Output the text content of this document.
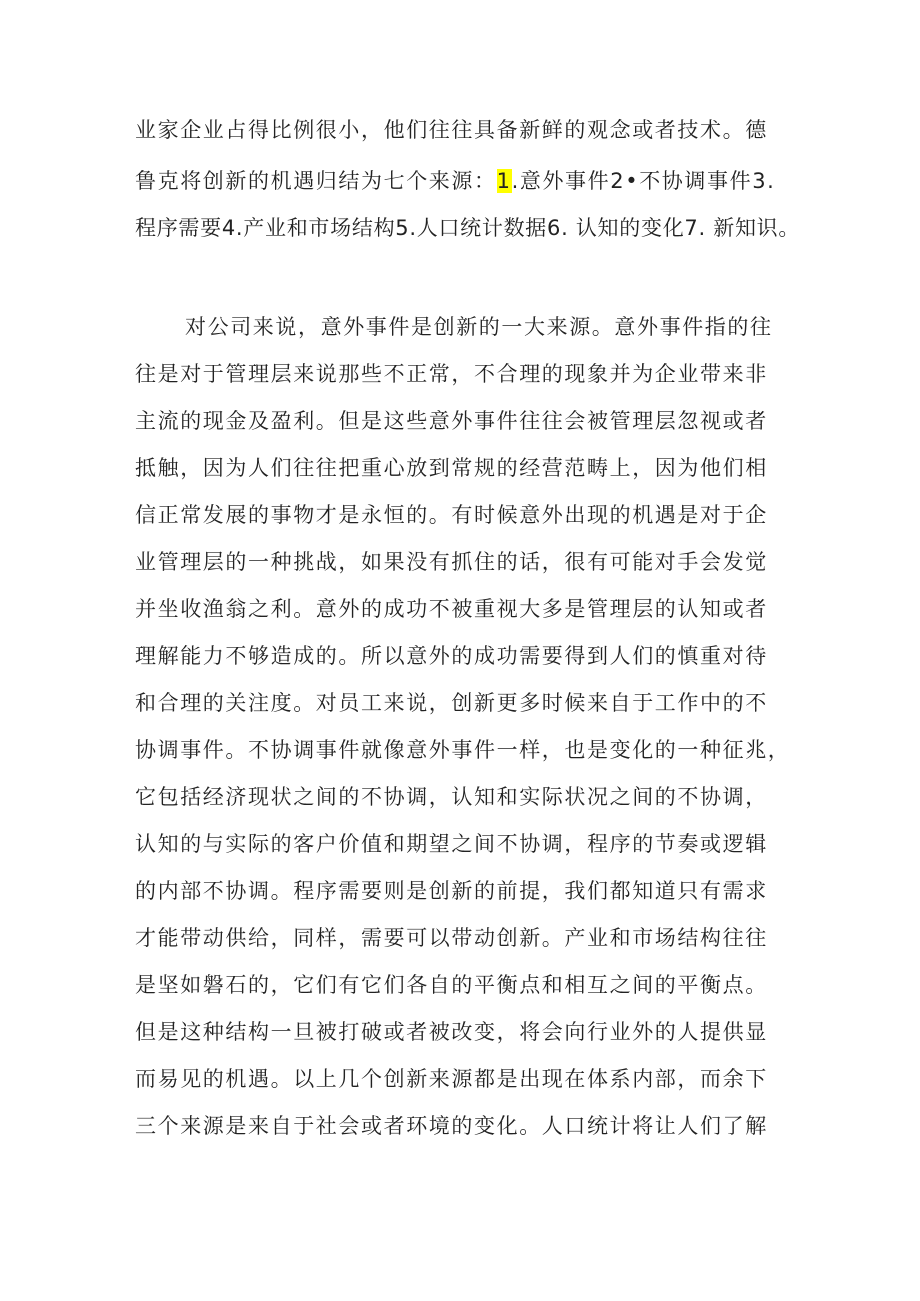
业家企业占得比例很小，他们往往具备新鲜的观念或者技术。德
鲁克将创新的机遇归结为七个来源：1.意外事件2•不协调事件3.
程序需要4.产业和市场结构5.人口统计数据6. 认知的变化7. 新知识。
对公司来说，意外事件是创新的一大来源。意外事件指的往
往是对于管理层来说那些不正常，不合理的现象并为企业带来非
主流的现金及盈利。但是这些意外事件往往会被管理层忽视或者
抵触，因为人们往往把重心放到常规的经营范畴上，因为他们相
信正常发展的事物才是永恒的。有时候意外出现的机遇是对于企
业管理层的一种挑战，如果没有抓住的话，很有可能对手会发觉
并坐收渔翁之利。意外的成功不被重视大多是管理层的认知或者
理解能力不够造成的。所以意外的成功需要得到人们的慎重对待
和合理的关注度。对员工来说，创新更多时候来自于工作中的不
协调事件。不协调事件就像意外事件一样，也是变化的一种征兆，
它包括经济现状之间的不协调，认知和实际状况之间的不协调，
认知的与实际的客户价值和期望之间不协调，程序的节奏或逻辑
的内部不协调。程序需要则是创新的前提，我们都知道只有需求
才能带动供给，同样，需要可以带动创新。产业和市场结构往往
是坚如磐石的，它们有它们各自的平衡点和相互之间的平衡点。
但是这种结构一旦被打破或者被改变，将会向行业外的人提供显
而易见的机遇。以上几个创新来源都是出现在体系内部，而余下
三个来源是来自于社会或者环境的变化。人口统计将让人们了解
